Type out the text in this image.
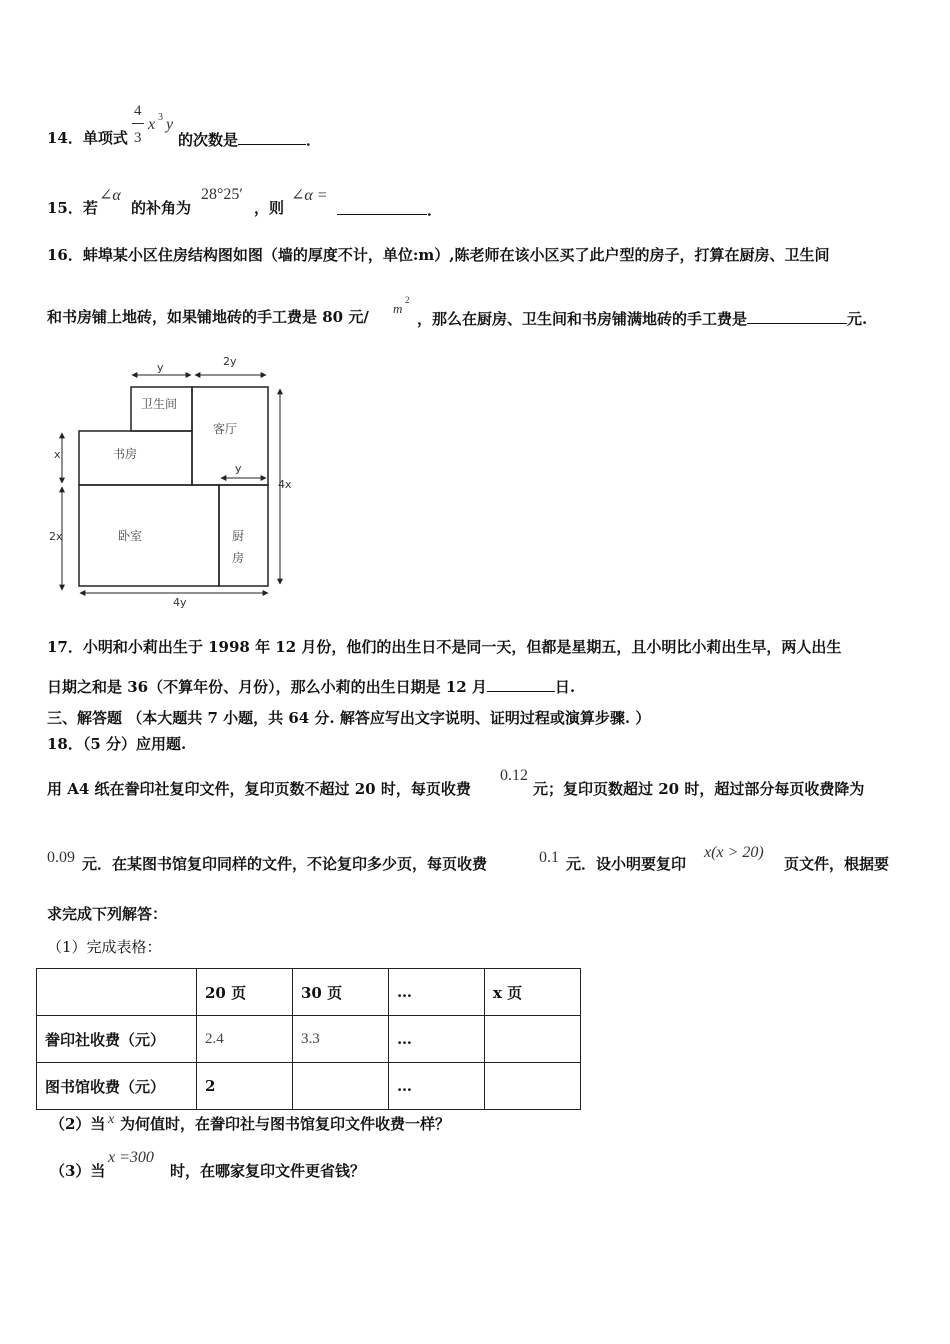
14．单项式
4
3
x 3 y
的次数是	．
15．若
∠α
的补角为
28°25′
，则
∠α =
．
16．蚌埠某小区住房结构图如图（墙的厚度不计，单位:m）,陈老师在该小区买了此户型的房子，打算在厨房、卫生间
和书房铺上地砖，如果铺地砖的手工费是 80 元/ m
2
，那么在厨房、卫生间和书房铺满地砖的手工费是	元.
卫生间
客厅
书房
卧室	厨
房
y	2y
y
x
2x
4x
4y
17．小明和小莉出生于 1998 年 12 月份，他们的出生日不是同一天，但都是星期五，且小明比小莉出生早，两人出生
日期之和是 36（不算年份、月份），那么小莉的出生日期是 12 月	日.
三、解答题 （本大题共 7 小题，共 64 分. 解答应写出文字说明、证明过程或演算步骤. ）
18．（5 分）应用题.
用 A4 纸在誊印社复印文件，复印页数不超过 20 时，每页收费
0.12
元；复印页数超过 20 时，超过部分每页收费降为
0.09 元．在某图书馆复印同样的文件，不论复印多少页，每页收费	0.1 元．设小明要复印
x(x > 20)
页文件，根据要
求完成下列解答：
（1）完成表格：
	20 页	30 页	…	x 页
誊印社收费（元）	2.4	3.3	…	
图书馆收费（元）	2		…	
（2）当 x 为何值时，在誊印社与图书馆复印文件收费一样？
（3）当
x =300
时，在哪家复印文件更省钱？
